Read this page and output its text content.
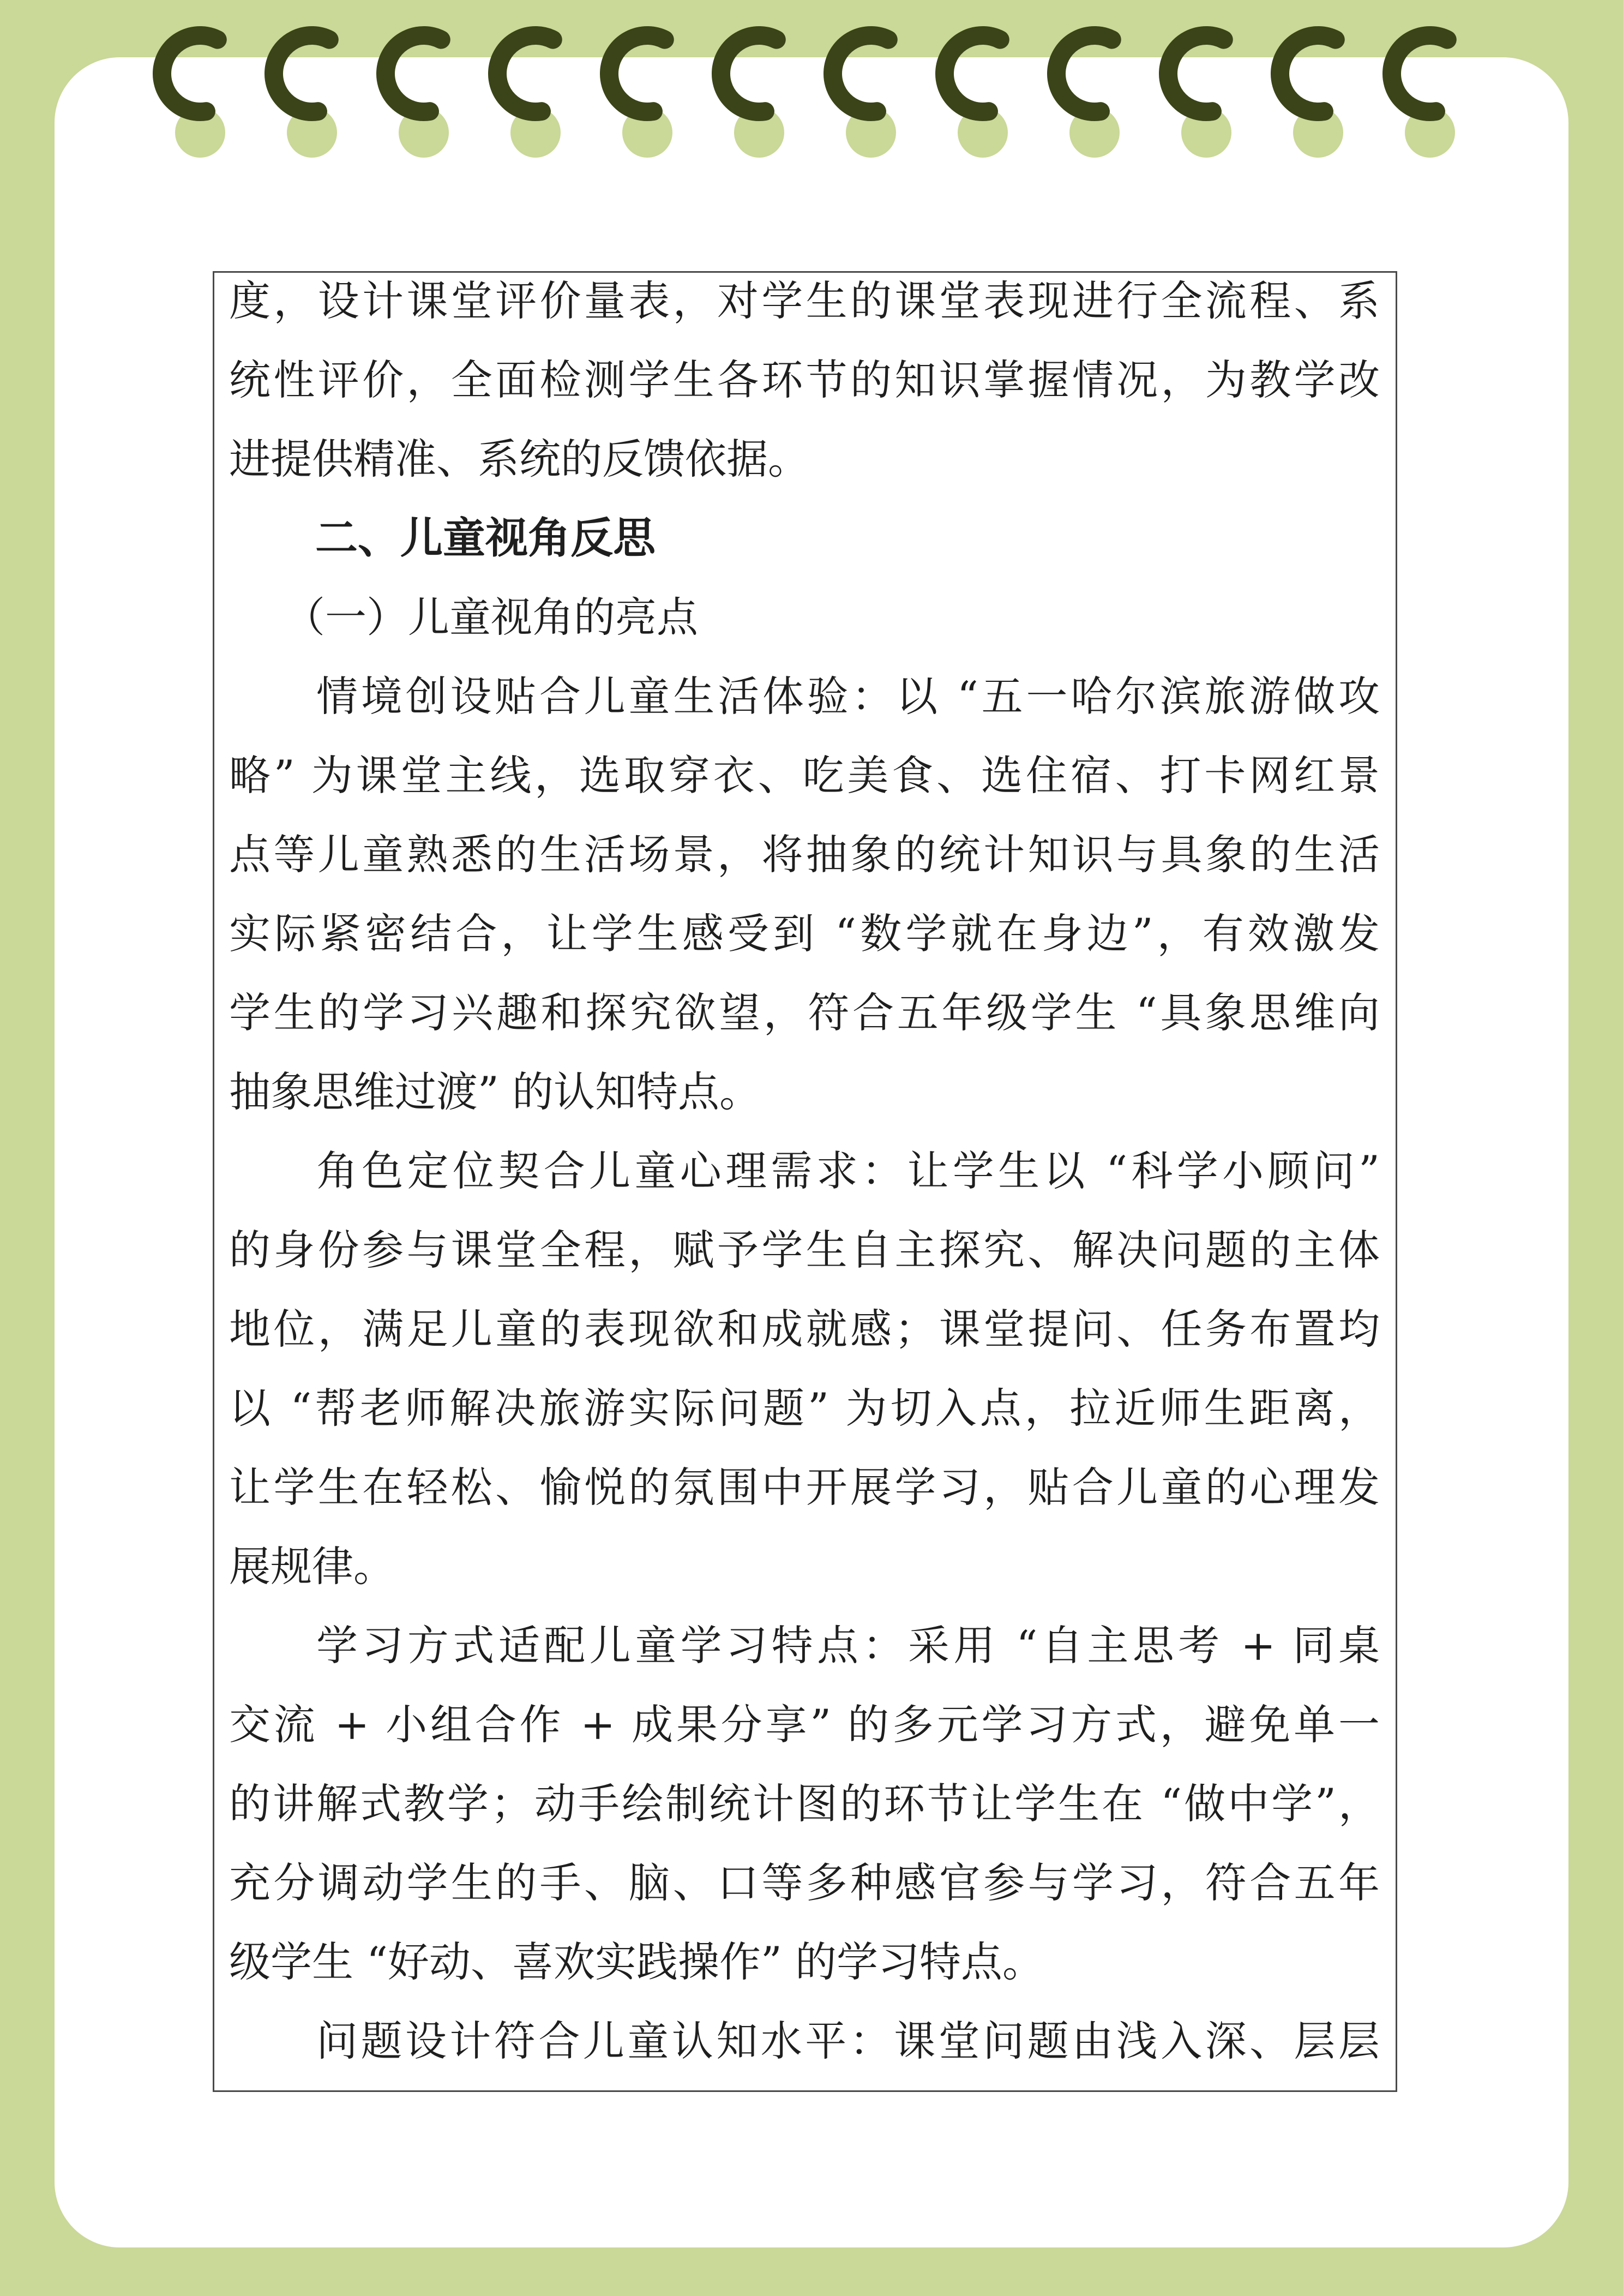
度，设计课堂评价量表，对学生的课堂表现进行全流程、系
统性评价，全面检测学生各环节的知识掌握情况，为教学改
进提供精准、系统的反馈依据。
二、儿童视角反思
（一）儿童视角的亮点
情境创设贴合儿童生活体验：以 “五一哈尔滨旅游做攻
略” 为课堂主线，选取穿衣、吃美食、选住宿、打卡网红景
点等儿童熟悉的生活场景，将抽象的统计知识与具象的生活
实际紧密结合，让学生感受到 “数学就在身边”，有效激发
学生的学习兴趣和探究欲望，符合五年级学生 “具象思维向
抽象思维过渡” 的认知特点。
角色定位契合儿童心理需求：让学生以 “科学小顾问”
的身份参与课堂全程，赋予学生自主探究、解决问题的主体
地位，满足儿童的表现欲和成就感；课堂提问、任务布置均
以 “帮老师解决旅游实际问题” 为切入点，拉近师生距离，
让学生在轻松、愉悦的氛围中开展学习，贴合儿童的心理发
展规律。
学习方式适配儿童学习特点：采用 “自主思考 + 同桌
交流 + 小组合作 + 成果分享” 的多元学习方式，避免单一
的讲解式教学；动手绘制统计图的环节让学生在 “做中学”，
充分调动学生的手、脑、口等多种感官参与学习，符合五年
级学生 “好动、喜欢实践操作” 的学习特点。
问题设计符合儿童认知水平：课堂问题由浅入深、层层
